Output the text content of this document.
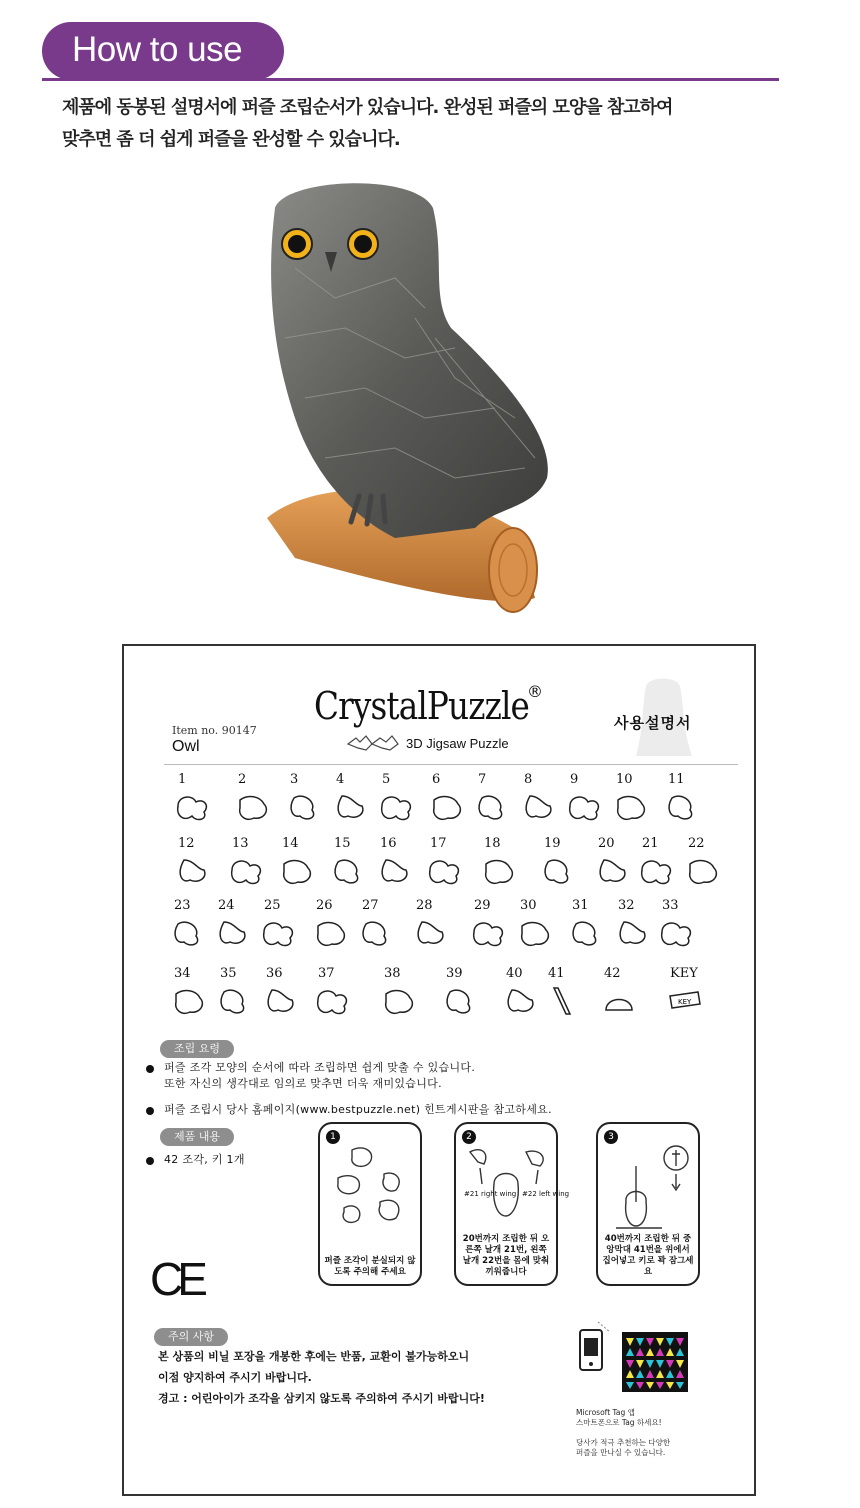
How to use
제품에 동봉된 설명서에 퍼즐 조립순서가 있습니다. 완성된 퍼즐의 모양을 참고하여
맞추면 좀 더 쉽게 퍼즐을 완성할 수 있습니다.
Item no. 90147
Owl
CrystalPuzzle
®
3D Jigsaw Puzzle
사용설명서
1	2	3	4	5	6	7	8	9	10	11
12	13	14	15 16	17	18	19	20 21 22
23 24 25	26 27	28	29 30	31 32 33
34 35 36	37	38	39	40 41	42	KEY
KEY
조립 요령
퍼즐 조각 모양의 순서에 따라 조립하면 쉽게 맞출 수 있습니다.
또한 자신의 생각대로 임의로 맞추면 더욱 재미있습니다.
퍼즐 조립시 당사 홈페이지(www.bestpuzzle.net) 힌트게시판을 참고하세요.
제품 내용
42 조각, 키 1개
1
퍼즐 조각이 분실되지 않도록 주의해 주세요
2
#21 right wing #22 left wing
20번까지 조립한 뒤 오른쪽 날개 21번, 왼쪽 날개 22번을 몸에 맞춰 끼워줍니다
3
40번까지 조립한 뒤 중앙막대 41번을 위에서 집어넣고 키로 꽉 잠그세요
CE
주의 사항
본 상품의 비닐 포장을 개봉한 후에는 반품, 교환이 불가능하오니
이점 양지하여 주시기 바랍니다.
경고 : 어린아이가 조각을 삼키지 않도록 주의하여 주시기 바랍니다!
Microsoft Tag 앱
스마트폰으로 Tag 하세요!
당사가 적극 추천하는 다양한
퍼즐을 만나실 수 있습니다.
